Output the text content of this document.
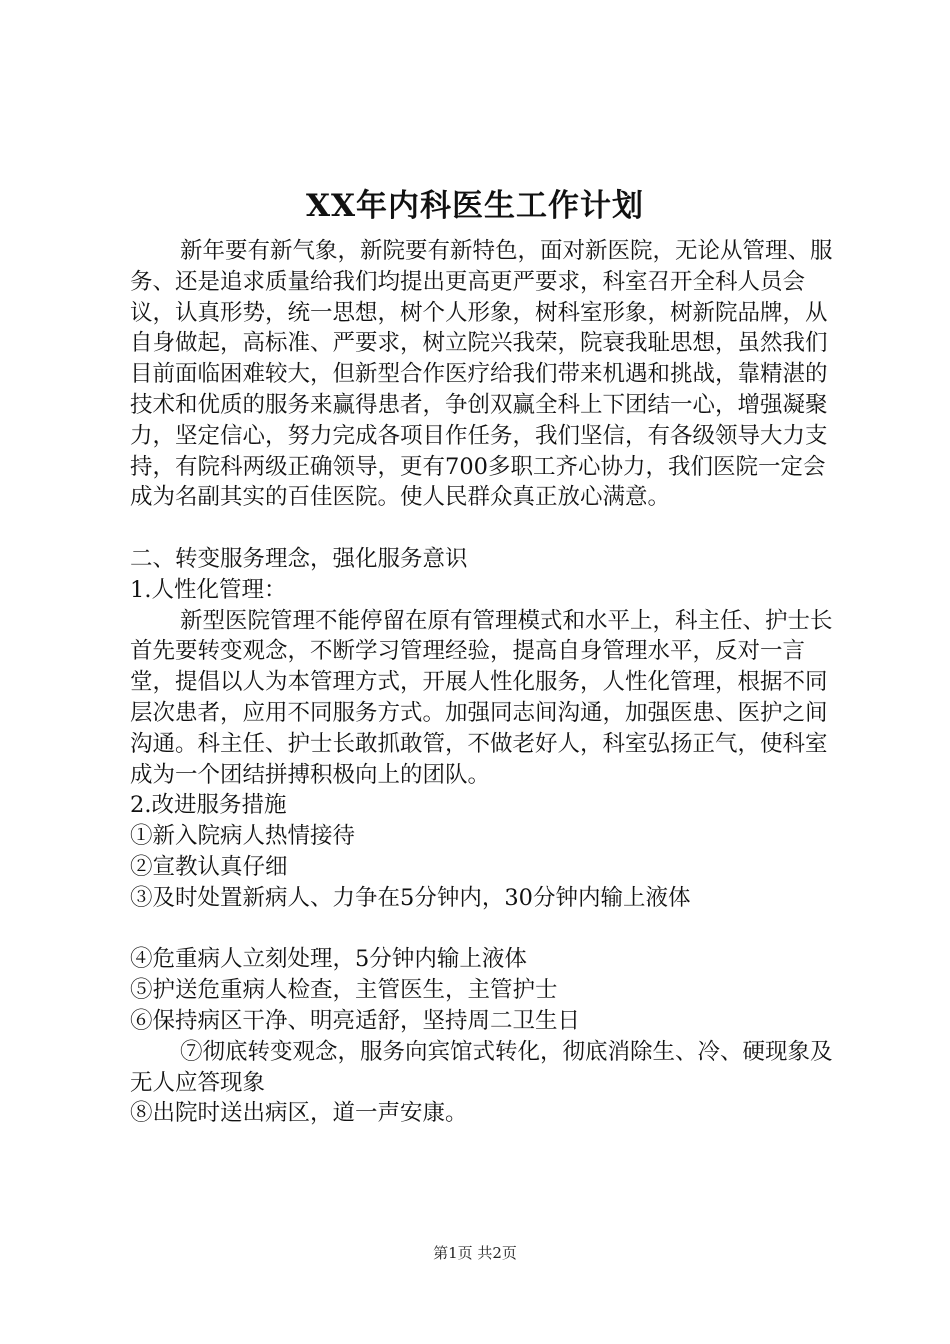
XX年内科医生工作计划

新年要有新气象，新院要有新特色，面对新医院，无论从管理、服务、还是追求质量给我们均提出更高更严要求，科室召开全科人员会议，认真形势，统一思想，树个人形象，树科室形象，树新院品牌，从自身做起，高标准、严要求，树立院兴我荣，院衰我耻思想，虽然我们目前面临困难较大，但新型合作医疗给我们带来机遇和挑战，靠精湛的技术和优质的服务来赢得患者，争创双赢全科上下团结一心，增强凝聚力，坚定信心，努力完成各项目作任务，我们坚信，有各级领导大力支持，有院科两级正确领导，更有700多职工齐心协力，我们医院一定会成为名副其实的百佳医院。使人民群众真正放心满意。

二、转变服务理念，强化服务意识

1.人性化管理：

新型医院管理不能停留在原有管理模式和水平上，科主任、护士长首先要转变观念，不断学习管理经验，提高自身管理水平，反对一言堂，提倡以人为本管理方式，开展人性化服务，人性化管理，根据不同层次患者，应用不同服务方式。加强同志间沟通，加强医患、医护之间沟通。科主任、护士长敢抓敢管，不做老好人，科室弘扬正气，使科室成为一个团结拼搏积极向上的团队。

2.改进服务措施

①新入院病人热情接待

②宣教认真仔细

③及时处置新病人、力争在5分钟内，30分钟内输上液体

④危重病人立刻处理，5分钟内输上液体

⑤护送危重病人检查，主管医生，主管护士

⑥保持病区干净、明亮适舒，坚持周二卫生日

⑦彻底转变观念，服务向宾馆式转化，彻底消除生、冷、硬现象及无人应答现象

⑧出院时送出病区，道一声安康。

第1页 共2页
